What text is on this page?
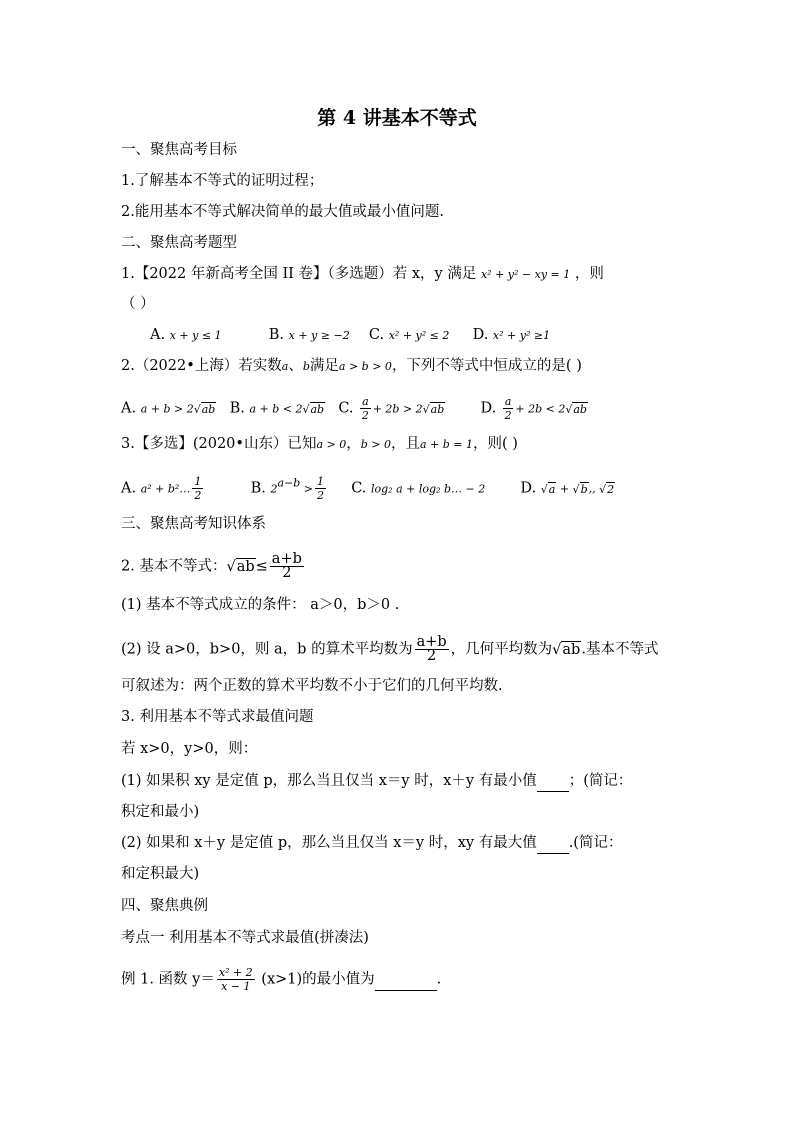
第 4 讲基本不等式
一、聚焦高考目标
1.了解基本不等式的证明过程；
2.能用基本不等式解决简单的最大值或最小值问题.
二、聚焦高考题型
1.【2022 年新高考全国 II 卷】（多选题）若 x，y 满足 x² + y² − xy = 1 ，则
（ ）
A. x + y ≤ 1	B. x + y ≥ −2 C. x² + y² ≤ 2 D. x² + y² ≥1
2.（2022•上海）若实数a、b满足a > b > 0，下列不等式中恒成立的是( )
A. a + b > 2√ab B. a + b < 2√ab C. $\frac{a}{2} + 2b > 2√ab$ D. $\frac{a}{2} + 2b < 2√ab$
3.【多选】(2020•山东）已知a > 0，b > 0，且a + b = 1，则( )
A. a² + b²… $\frac{1}{2}$	B. $2^{a-b} > \frac{1}{2} C$. log₂ a + log₂ b… − 2 D. √a + √b,, √2
三、聚焦高考知识体系
2. 基本不等式：$√ab\le \frac{a+b}{2}$
(1) 基本不等式成立的条件： a＞0，b＞0 .
(2) 设 a>0，b>0，则 a，b 的算术平均数为 $\frac{a+b}{2}$ ，几何平均数为√ab.基本不等式
可叙述为：两个正数的算术平均数不小于它们的几何平均数.
3. 利用基本不等式求最值问题
若 x>0，y>0，则：
(1) 如果积 xy 是定值 p，那么当且仅当 x＝y 时，x＋y 有最小值 ；(简记：
积定和最小)
(2) 如果和 x＋y 是定值 p，那么当且仅当 x＝y 时，xy 有最大值 .(简记：
和定积最大)
四、聚焦典例
考点一 利用基本不等式求最值(拼凑法)
例 1. 函数 $y= \frac{\text{x² + 2}}{x - 1} (x>1)$的最小值为	.
